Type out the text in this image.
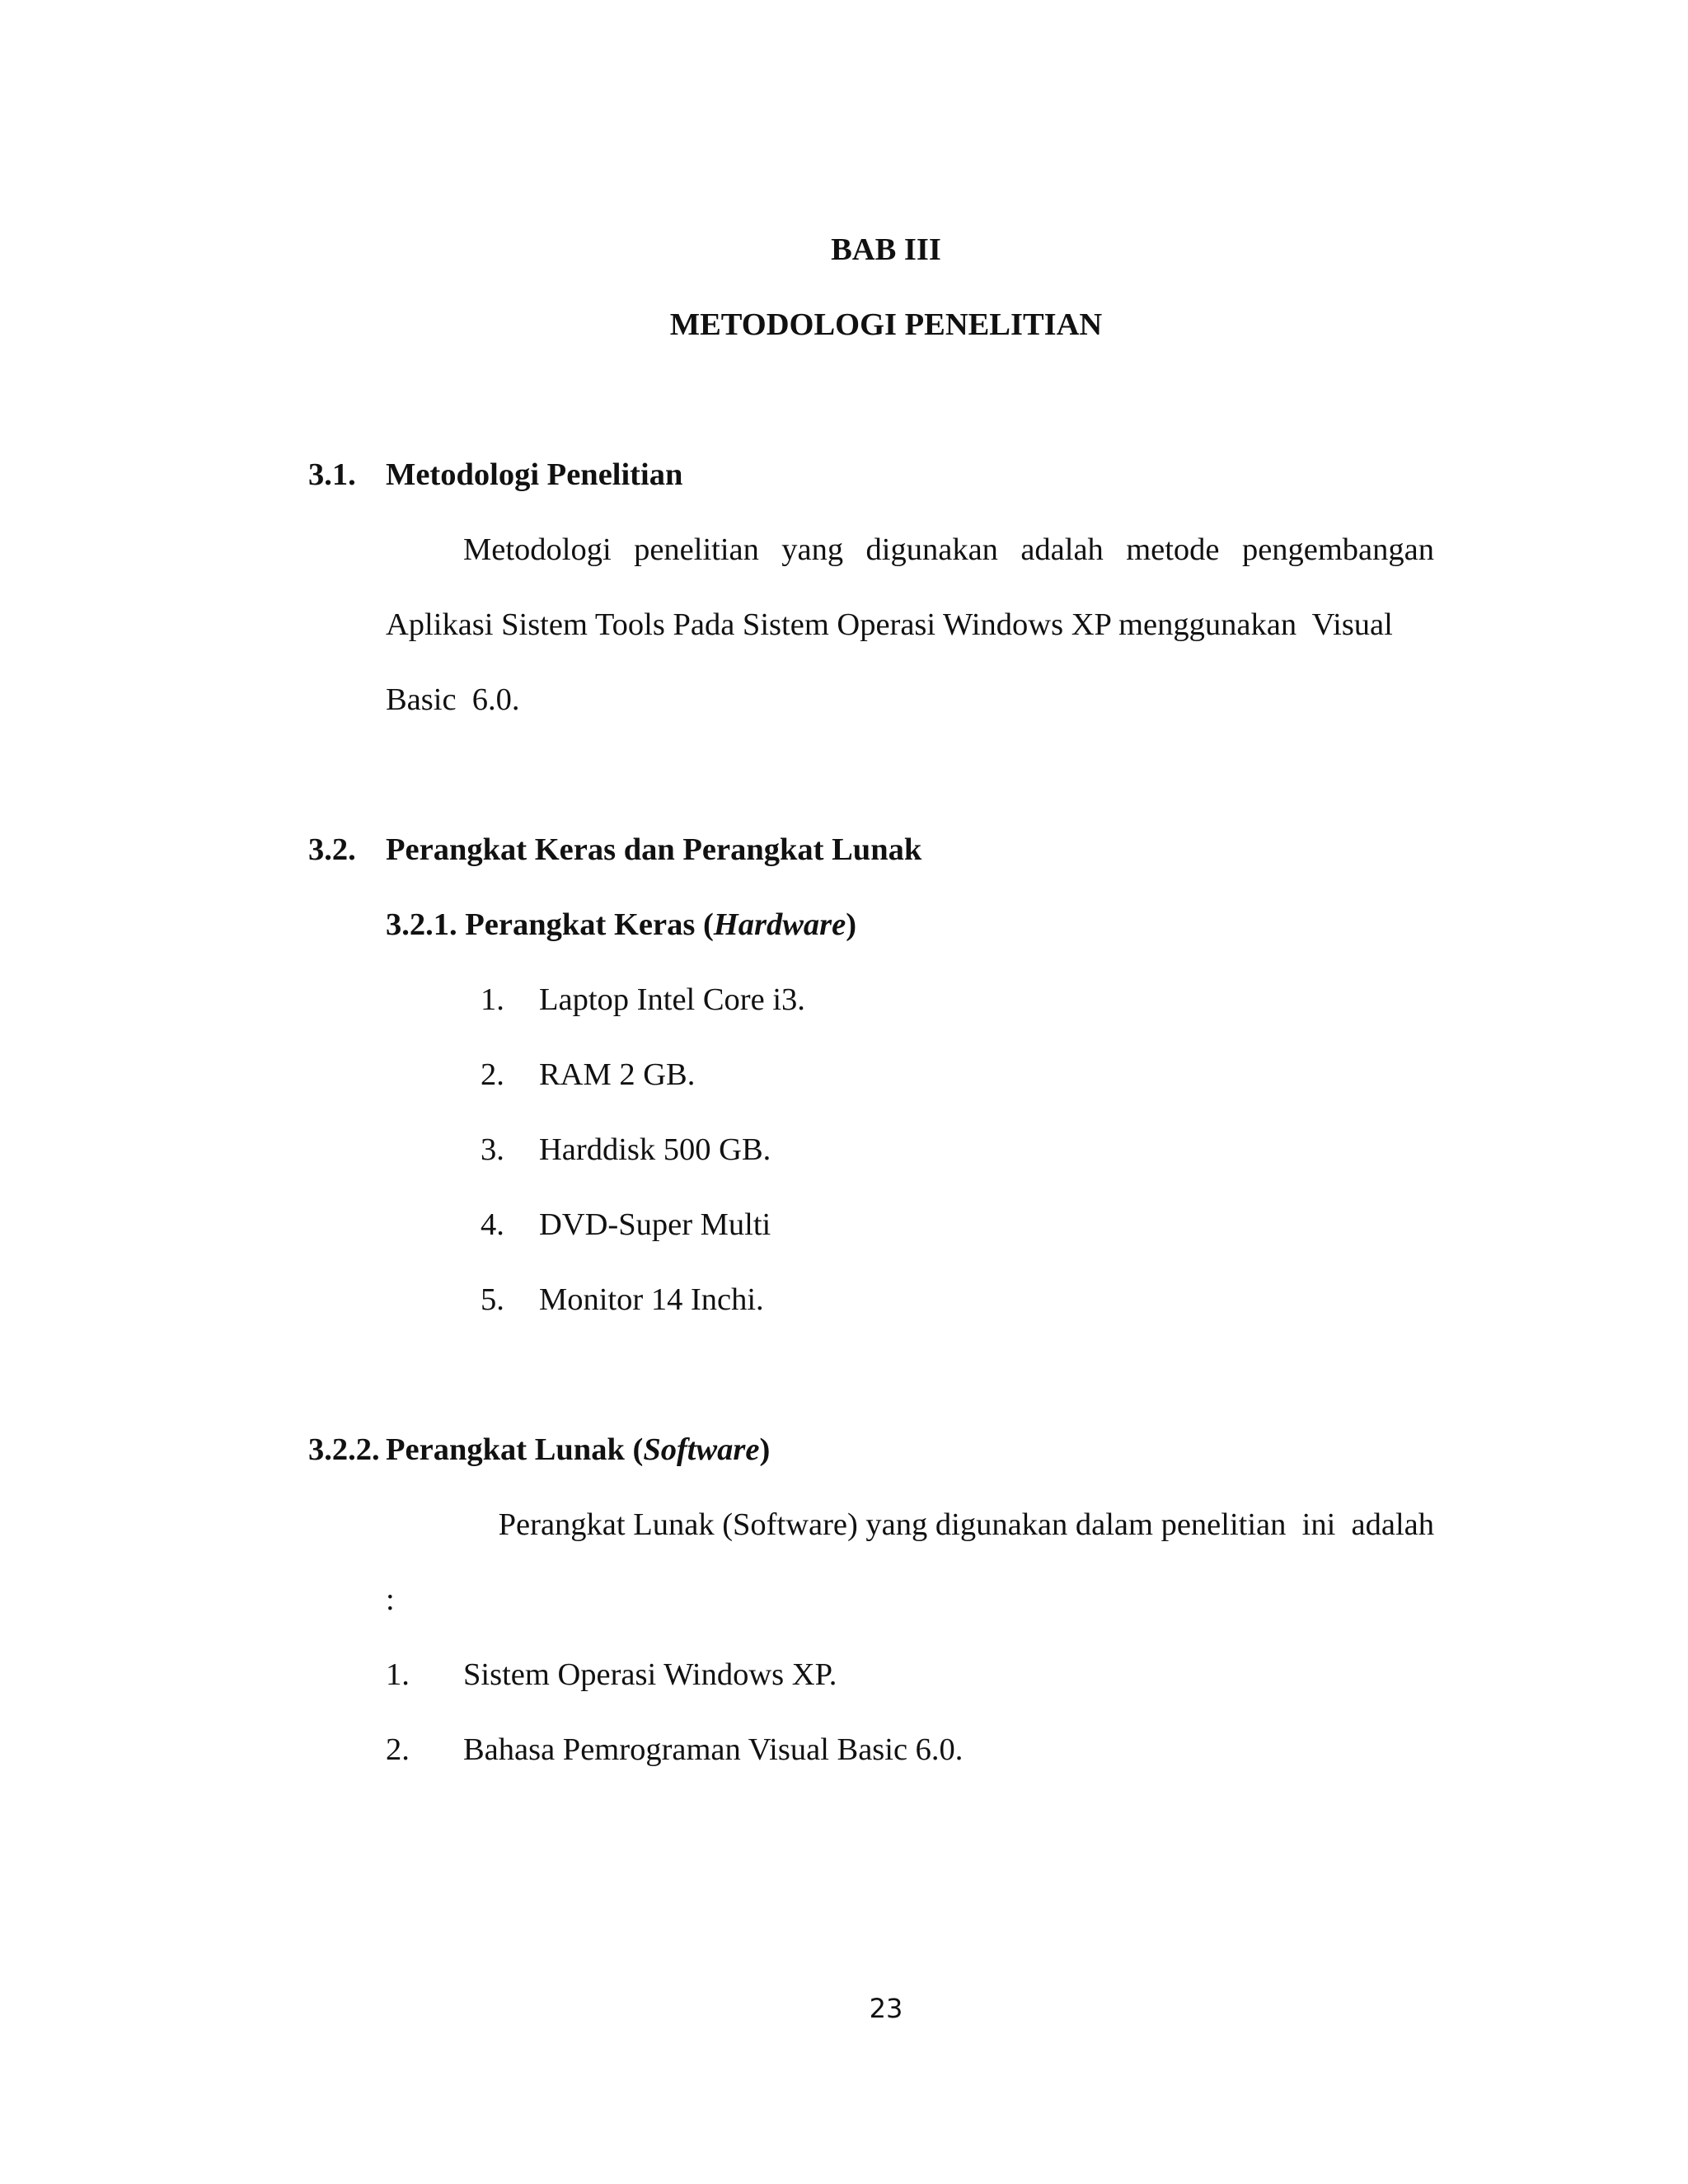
BAB III
METODOLOGI PENELITIAN
3.1. Metodologi Penelitian
Metodologi penelitian yang digunakan adalah metode pengembangan
Aplikasi Sistem Tools Pada Sistem Operasi Windows XP menggunakan  Visual
Basic  6.0.
3.2. Perangkat Keras dan Perangkat Lunak
3.2.1. Perangkat Keras (Hardware)
1. Laptop Intel Core i3.
2. RAM 2 GB.
3. Harddisk 500 GB.
4. DVD-Super Multi
5. Monitor 14 Inchi.
3.2.2. Perangkat Lunak (Software)
Perangkat Lunak (Software) yang digunakan dalam penelitian  ini  adalah
:
1. Sistem Operasi Windows XP.
2. Bahasa Pemrograman Visual Basic 6.0.
23
